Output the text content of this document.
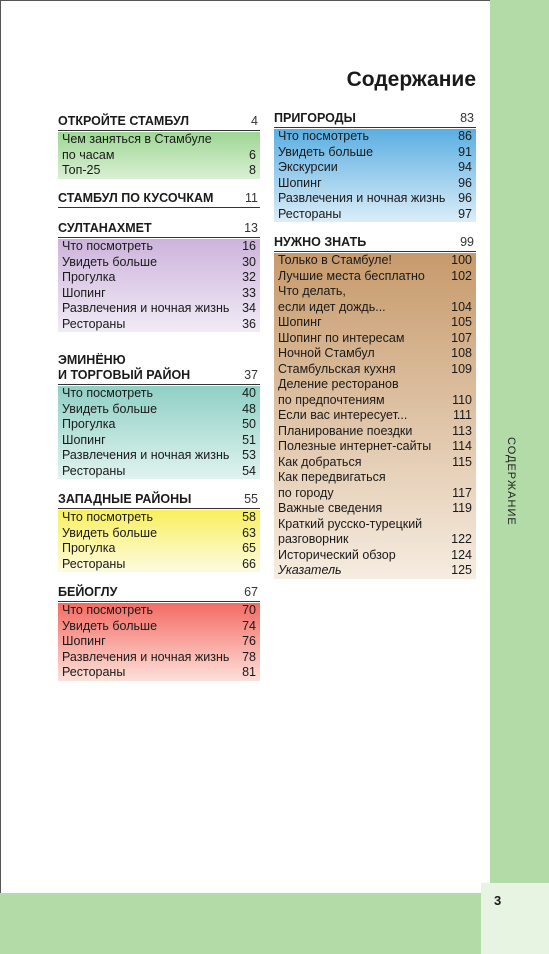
3
СОДЕРЖАНИЕ
Содержание
ОТКРОЙТЕ СТАМБУЛ	4
Чем заняться в Стамбуле
по часам	6
Топ-25	8
СТАМБУЛ ПО КУСОЧКАМ	11
СУЛТАНАХМЕТ	13
Что посмотреть	16
Увидеть больше	30
Прогулка	32
Шопинг	33
Развлечения и ночная жизнь	34
Рестораны	36
ЭМИНЁНЮ
И ТОРГОВЫЙ РАЙОН	37
Что посмотреть	40
Увидеть больше	48
Прогулка	50
Шопинг	51
Развлечения и ночная жизнь	53
Рестораны	54
ЗАПАДНЫЕ РАЙОНЫ	55
Что посмотреть	58
Увидеть больше	63
Прогулка	65
Рестораны	66
БЕЙОГЛУ	67
Что посмотреть	70
Увидеть больше	74
Шопинг	76
Развлечения и ночная жизнь	78
Рестораны	81
ПРИГОРОДЫ	83
Что посмотреть	86
Увидеть больше	91
Экскурсии	94
Шопинг	96
Развлечения и ночная жизнь	96
Рестораны	97
НУЖНО ЗНАТЬ	99
Только в Стамбуле!	100
Лучшие места бесплатно	102
Что делать,
если идет дождь...	104
Шопинг	105
Шопинг по интересам	107
Ночной Стамбул	108
Стамбульская кухня	109
Деление ресторанов
по предпочтениям	110
Если вас интересует...	111
Планирование поездки	113
Полезные интернет-сайты	114
Как добраться	115
Как передвигаться
по городу	117
Важные сведения	119
Краткий русско-турецкий
разговорник	122
Исторический обзор	124
Указатель	125
